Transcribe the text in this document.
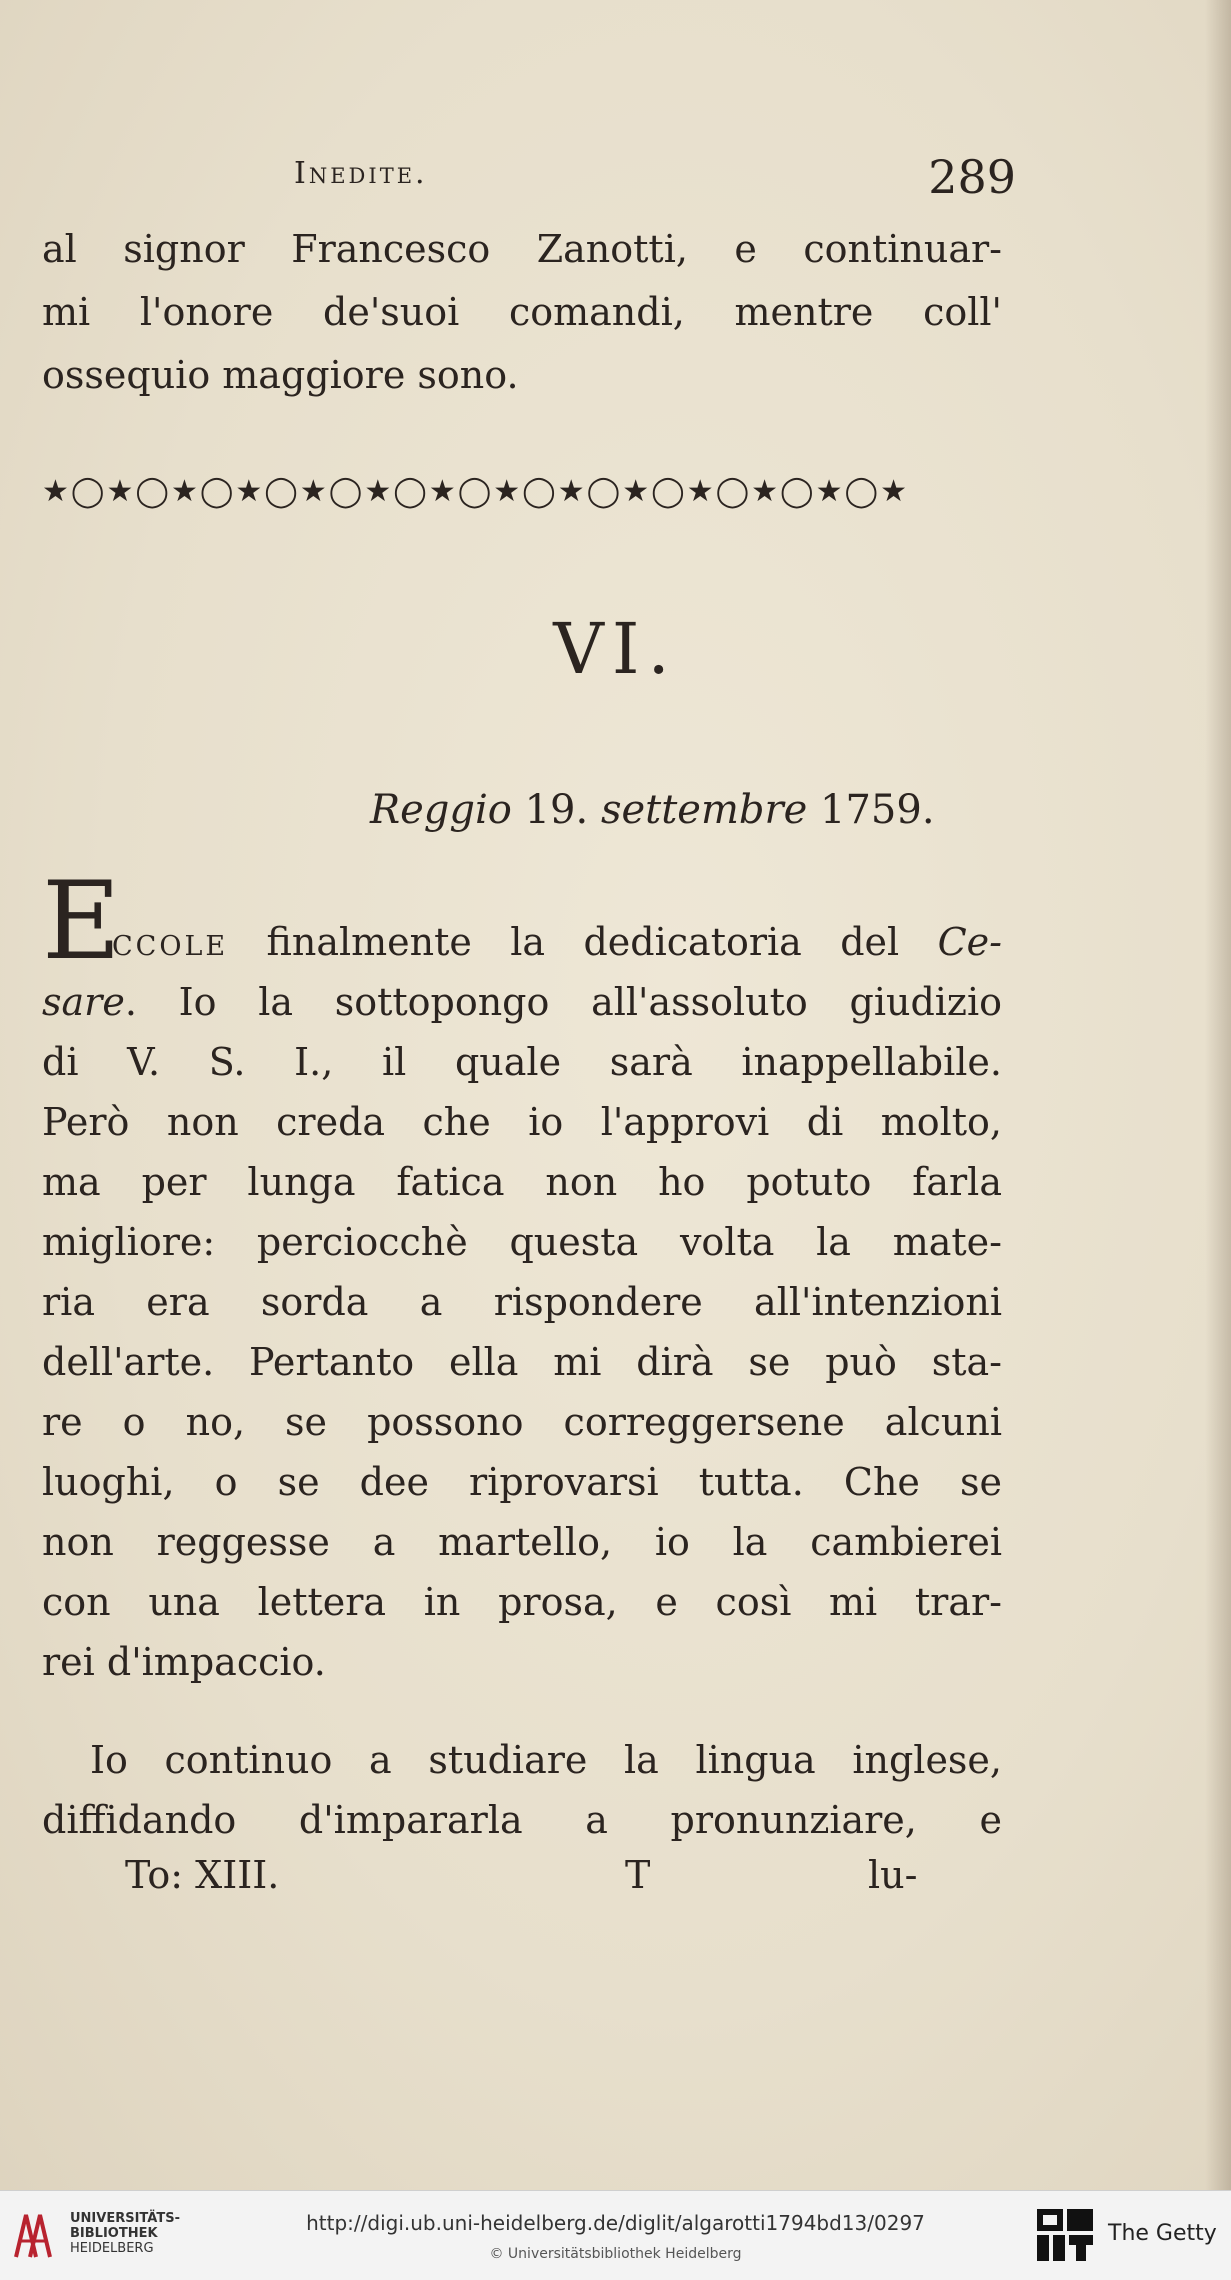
Inedite.	289
al signor Francesco Zanotti, e continuar-
mi l'onore de'suoi comandi, mentre coll'
ossequio maggiore sono.
★◯★◯★◯★◯★◯★◯★◯★◯★◯★◯★◯★◯★◯★
VI.
Reggio 19. settembre 1759.
E
ccole finalmente la dedicatoria del Ce-
sare. Io la sottopongo all'assoluto giudizio
di V. S. I., il quale sarà inappellabile.
Però non creda che io l'approvi di molto,
ma per lunga fatica non ho potuto farla
migliore: perciocchè questa volta la mate-
ria era sorda a rispondere all'intenzioni
dell'arte. Pertanto ella mi dirà se può sta-
re o no, se possono correggersene alcuni
luoghi, o se dee riprovarsi tutta. Che se
non reggesse a martello, io la cambierei
con una lettera in prosa, e così mi trar-
rei d'impaccio.
Io continuo a studiare la lingua inglese,
diffidando d'impararla a pronunziare, e
To: XIII.	T	lu-
UNIVERSITÄTS-
BIBLIOTHEK
HEIDELBERG
http://digi.ub.uni-heidelberg.de/diglit/algarotti1794bd13/0297
© Universitätsbibliothek Heidelberg
The Getty
